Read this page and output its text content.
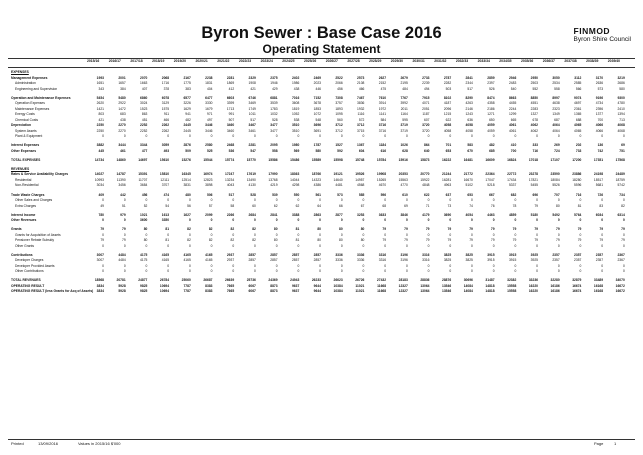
Byron Sewer : Base Case 2016
Operating Statement
FINMOD
Byron Shire Council
2015/16	2016/17	2017/18	2018/19	2019/20	2020/21	2021/22	2022/23	2023/24	2024/25	2025/26	2026/27	2027/28	2028/29	2029/30	2030/31	2031/32	2032/33	2033/34	2034/35	2035/36	2036/37	2037/38	2038/39	2039/40
EXPENSES
Management Expenses	1993	2001	2070	2068	2167	2238	2281	2329	2375	2402	2469	2522	2573	2627	2679	2733	2787	2841	2859	2946	2950	3050	3112	3170	3219
Administration	1651	1657	1663	1716	1775	1831	1869	1908	1946	1986	2023	2066	2108	2152	2195	2239	2282	2344	2397	2483	2503	2534	2585	2636	2686
Engineering and Supervision	343	384	407	378	383	404	412	421	429	438	446	456	466	475	484	494	503	517	526	540	552	558	566	573	580
Operation and Maintenance Expenses	5454	5480	6860	6078	6577	6477	6603	6746	6881	7016	7152	7308	7467	7610	7767	7915	8102	8290	8474	8663	8850	8997	9074	9196	9300
Operation Expenses	2620	2922	3024	3129	3226	3330	3399	3469	3539	3608	3678	3757	3836	3914	3992	4071	4187	4263	4358	4455	4551	4638	4697	4734	4780
Maintenance Expenses	1421	1472	1523	1575	1629	1679	1713	1749	1783	1819	1853	1893	1932	1972	2011	2051	2096	2146	2186	2244	2283	2323	2361	2396	2410
Energy Costs	803	683	863	911	941	971	991	1011	1032	1052	1072	1095	1116	1141	1164	1187	1215	1243	1271	1299	1327	1349	1365	1377	1394
Chemical Costs	421	438	451	466	482	497	507	517	528	538	548	560	572	584	595	607	622	636	650	665	678	687	688	700	713
Depreciation	2250	2270	2252	2262	2445	3446	3460	3467	3477	3510	3696	3712	3712	3716	3719	3720	4058	4058	4059	4061	4062	4064	4065	4066	4068
System Assets	2250	2270	2252	2262	2445	3446	3460	3461	3477	3510	3691	3712	3715	3716	3719	3720	4058	4058	4059	4061	4062	4064	4065	4066	4068
Plant & Equipment	0	0	0	0	0	0	0	0	0	0	0	0	0	0	0	0	0	0	0	0	0	0	0	0	0
Interest Expenses	3882	3444	3344	3059	2876	2580	2468	2281	2095	1980	1787	1527	1367	1184	1026	864	701	583	482	410	333	269	202	136	69
Other Expenses	445	461	477	493	509	525	536	547	558	569	580	592	604	616	628	640	653	670	685	700	716	724	733	742	751
TOTAL EXPENSES	14734	14860	14697	15610	15276	15544	15774	15770	15586	15486	15589	15598	15748	15784	15916	15873	16222	16481	16609	16824	17018	17107	17200	17351	17568
REVENUES
Rates & Service Availability Charges	14027	14787	15391	15810	16345	16974	17247	17619	17990	18363	18766	19121	19526	19908	20353	20770	21244	21772	22364	22772	23278	23590	23886	24198	24489
Residential	10993	11390	11707	12111	12514	12823	13234	13490	13768	14044	14323	14640	14957	15265	15563	15922	16281	16670	17047	17434	17821	18084	18280	18517	18759
Non-Residential	3034	3456	3684	3707	3831	3898	4043	4130	4219	4298	4386	4481	4568	4670	4770	4848	4963	5102	5218	5337	5455	5526	5596	5681	5742
Trade Waste Charges	409	442	456	474	480	506	517	528	539	550	561	573	585	596	610	622	637	653	667	682	696	707	716	726	734
Other Sales and Charges	0	0	0	0	0	0	0	0	0	0	0	0	0	0	0	0	0	0	0	0	0	0	0	0	0
Extra Charges	49	51	52	54	56	57	58	60	62	62	64	66	67	68	69	71	73	74	76	78	79	80	81	83	82
Interest Income	780	979	1021	1613	1627	2099	2266	2684	2841	3388	2863	2877	3253	3633	3846	4179	3690	4054	4463	4859	5180	5492	5764	6034	6314
Other Revenues	0	0	3600	3350	0	0	0	0	0	0	0	0	0	0	0	0	0	0	0	0	0	0	0	0	0
Grants	79	79	80	81	82	82	82	82	80	81	80	80	80	79	79	79	79	79	79	79	79	79	79	79	79
Grants for Acquisition of Assets	0	0	0	0	0	0	0	0	0	0	0	0	0	0	0	0	0	0	0	0	0	0	0	0	0
Pensioner Rebate Subsidy	79	79	80	81	82	82	82	82	80	81	80	80	80	79	79	79	79	79	79	79	79	79	79	79	79
Other Grants	0	0	0	0	0	0	0	0	0	0	0	0	0	0	0	0	0	0	0	0	0	0	0	0	0
Contributions	3007	4484	4175	4165	4165	4165	2937	2857	2857	2857	2857	3336	3336	3316	3196	3316	3825	3825	3915	3915	3925	2357	2357	2357	2367
Developer Charges	3007	4484	4175	4165	4165	4165	2937	2857	2857	2857	2857	3336	3336	3316	3196	3316	3825	3825	3915	3915	3925	2357	2357	2357	2367
Developer Provided Assets	0	0	0	0	0	0	0	0	0	0	0	0	0	0	0	0	0	0	0	0	0	0	0	0	0
Other Contributions	0	0	0	0	0	0	0	0	0	0	0	0	0	0	0	0	0	0	0	0	0	0	0	0	0
TOTAL REVENUES	18568	20781	24877	26784	25060	26687	26639	25736	24369	24943	26233	26623	26726	27432	28183	28836	28876	30696	31487	32382	33236	32280	32879	33489	34070
OPERATING RESULT	3834	5928	9825	10694	7787	8383	7665	6067	8873	9637	9644	10384	11021	11668	12327	13064	13546	14084	14818	15558	16220	16186	16674	16168	16672
OPERATING RESULT (less Grants for Acq of Assets)	3834	5928	9825	10694	7787	8383	7665	6067	8873	9637	9644	10384	11021	11668	12327	13064	13546	14084	14818	15558	16220	16186	16674	16168	16672
Printed	13/09/2016	Values in 2015/16 $'000	Page	1
